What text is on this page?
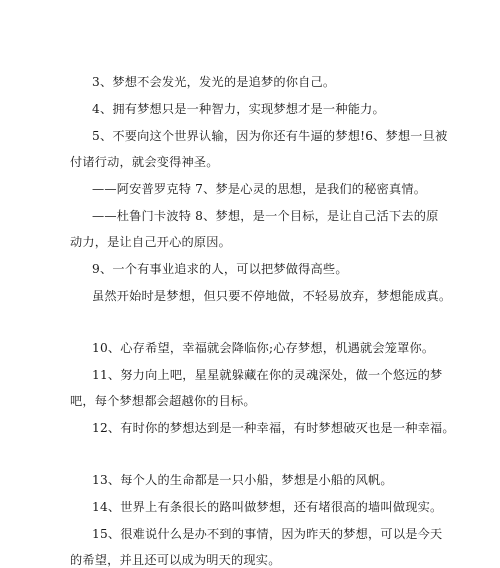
3、梦想不会发光，发光的是追梦的你自己。
4、拥有梦想只是一种智力，实现梦想才是一种能力。
5、不要向这个世界认输，因为你还有牛逼的梦想!6、梦想一旦被
付诸行动，就会变得神圣。
——阿安普罗克特 7、梦是心灵的思想，是我们的秘密真情。
——杜鲁门卡波特 8、梦想，是一个目标，是让自己活下去的原
动力，是让自己开心的原因。
9、一个有事业追求的人，可以把梦做得高些。
虽然开始时是梦想，但只要不停地做，不轻易放弃，梦想能成真。
10、心存希望，幸福就会降临你;心存梦想，机遇就会笼罩你。
11、努力向上吧，星星就躲藏在你的灵魂深处，做一个悠远的梦
吧，每个梦想都会超越你的目标。
12、有时你的梦想达到是一种幸福，有时梦想破灭也是一种幸福。
13、每个人的生命都是一只小船，梦想是小船的风帆。
14、世界上有条很长的路叫做梦想，还有堵很高的墙叫做现实。
15、很难说什么是办不到的事情，因为昨天的梦想，可以是今天
的希望，并且还可以成为明天的现实。
